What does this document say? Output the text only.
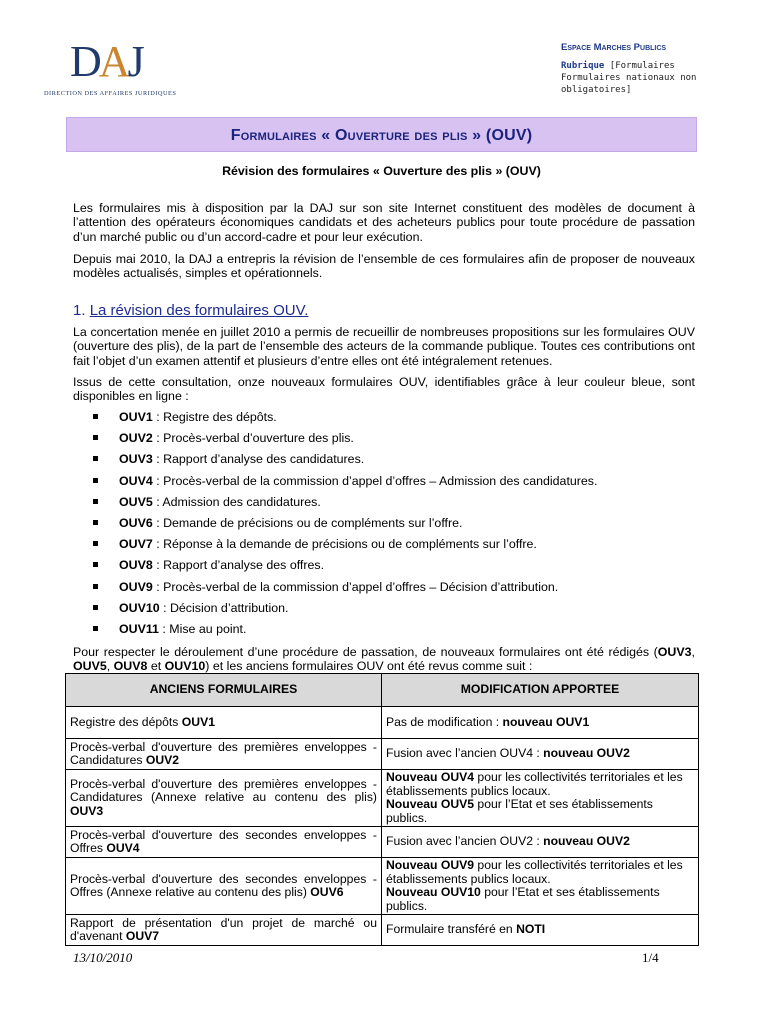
DAJ
DIRECTION DES AFFAIRES JURIDIQUES
Espace Marches Publics
Rubrique [Formulaires Formulaires nationaux non obligatoires]
Formulaires « Ouverture des plis » (OUV)
Révision des formulaires « Ouverture des plis » (OUV)
Les formulaires mis à disposition par la DAJ sur son site Internet constituent des modèles de document à l’attention des opérateurs économiques candidats et des acheteurs publics pour toute procédure de passation d’un marché public ou d’un accord-cadre et pour leur exécution.
Depuis mai 2010, la DAJ a entrepris la révision de l’ensemble de ces formulaires afin de proposer de nouveaux modèles actualisés, simples et opérationnels.
1. La révision des formulaires OUV.
La concertation menée en juillet 2010 a permis de recueillir de nombreuses propositions sur les formulaires OUV (ouverture des plis), de la part de l’ensemble des acteurs de la commande publique. Toutes ces contributions ont fait l’objet d’un examen attentif et plusieurs d’entre elles ont été intégralement retenues.
Issus de cette consultation, onze nouveaux formulaires OUV, identifiables grâce à leur couleur bleue, sont disponibles en ligne :
OUV1 : Registre des dépôts.
OUV2 : Procès-verbal d’ouverture des plis.
OUV3 : Rapport d’analyse des candidatures.
OUV4 : Procès-verbal de la commission d’appel d’offres – Admission des candidatures.
OUV5 : Admission des candidatures.
OUV6 : Demande de précisions ou de compléments sur l’offre.
OUV7 : Réponse à la demande de précisions ou de compléments sur l’offre.
OUV8 : Rapport d’analyse des offres.
OUV9 : Procès-verbal de la commission d’appel d’offres – Décision d’attribution.
OUV10 : Décision d’attribution.
OUV11 : Mise au point.
Pour respecter le déroulement d’une procédure de passation, de nouveaux formulaires ont été rédigés (OUV3, OUV5, OUV8 et OUV10) et les anciens formulaires OUV ont été revus comme suit :
ANCIENS FORMULAIRES	MODIFICATION APPORTEE
Registre des dépôts OUV1	Pas de modification : nouveau OUV1
Procès-verbal d'ouverture des premières enveloppes - Candidatures OUV2	Fusion avec l’ancien OUV4 : nouveau OUV2
Procès-verbal d'ouverture des premières enveloppes - Candidatures (Annexe relative au contenu des plis) OUV3	Nouveau OUV4 pour les collectivités territoriales et les établissements publics locaux.
Nouveau OUV5 pour l’Etat et ses établissements publics.
Procès-verbal d'ouverture des secondes enveloppes - Offres OUV4	Fusion avec l’ancien OUV2 : nouveau OUV2
Procès-verbal d'ouverture des secondes enveloppes - Offres (Annexe relative au contenu des plis) OUV6	Nouveau OUV9 pour les collectivités territoriales et les établissements publics locaux.
Nouveau OUV10 pour l’Etat et ses établissements publics.
Rapport de présentation d'un projet de marché ou d'avenant OUV7	Formulaire transféré en NOTI
13/10/2010	1/4
